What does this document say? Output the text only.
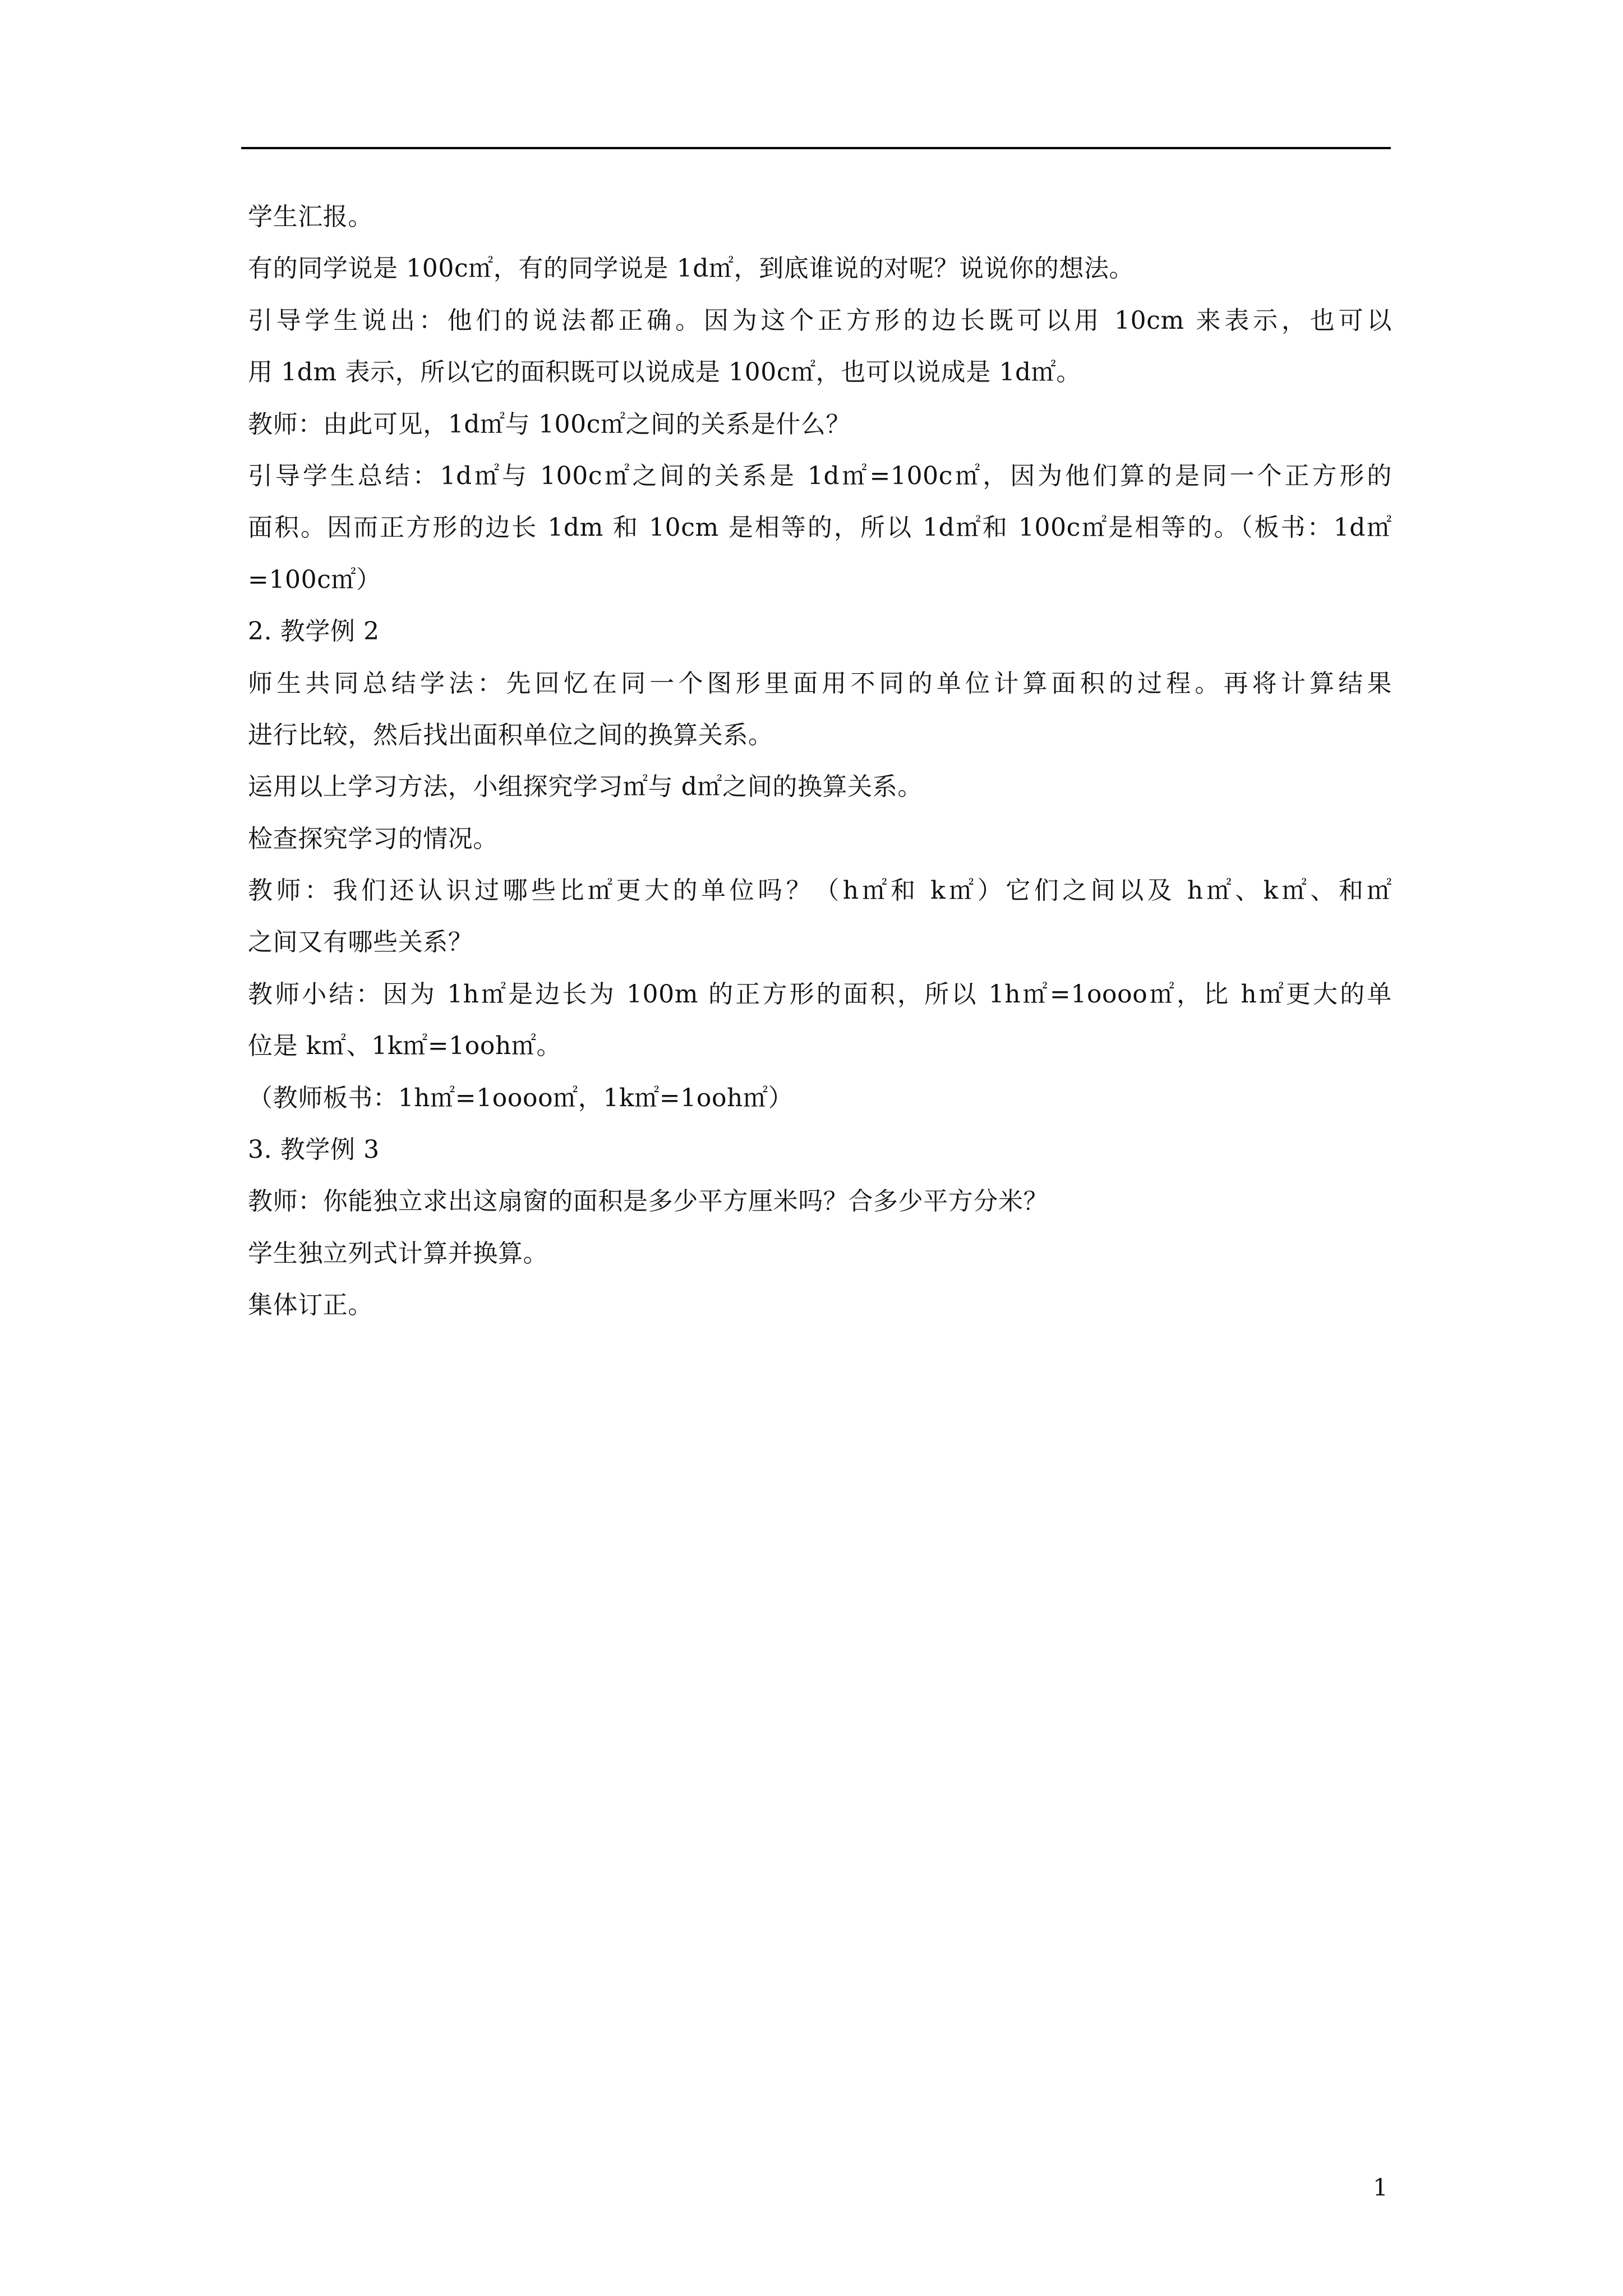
学生汇报。
有的同学说是 100c㎡，有的同学说是 1d㎡，到底谁说的对呢？说说你的想法。
引导学生说出：他们的说法都正确。因为这个正方形的边长既可以用 10cm 来表示，也可以
用 1dm 表示，所以它的面积既可以说成是 100c㎡，也可以说成是 1d㎡。
教师：由此可见，1d㎡与 100c㎡之间的关系是什么？
引导学生总结：1d㎡与 100c㎡之间的关系是 1d㎡=100c㎡，因为他们算的是同一个正方形的
面积。因而正方形的边长 1dm 和 10cm 是相等的，所以 1d㎡和 100c㎡是相等的。（板书：1d㎡
=100c㎡）
2. 教学例 2
师生共同总结学法：先回忆在同一个图形里面用不同的单位计算面积的过程。再将计算结果
进行比较，然后找出面积单位之间的换算关系。
运用以上学习方法，小组探究学习㎡与 d㎡之间的换算关系。
检查探究学习的情况。
教师：我们还认识过哪些比㎡更大的单位吗？（h㎡和 k㎡）它们之间以及 h㎡、k㎡、和㎡
之间又有哪些关系？
教师小结：因为 1h㎡是边长为 100m 的正方形的面积，所以 1h㎡=1oooo㎡，比 h㎡更大的单
位是 k㎡、1k㎡=1ooh㎡。
（教师板书：1h㎡=1oooo㎡，1k㎡=1ooh㎡）
3. 教学例 3
教师：你能独立求出这扇窗的面积是多少平方厘米吗？合多少平方分米？
学生独立列式计算并换算。
集体订正。
1
